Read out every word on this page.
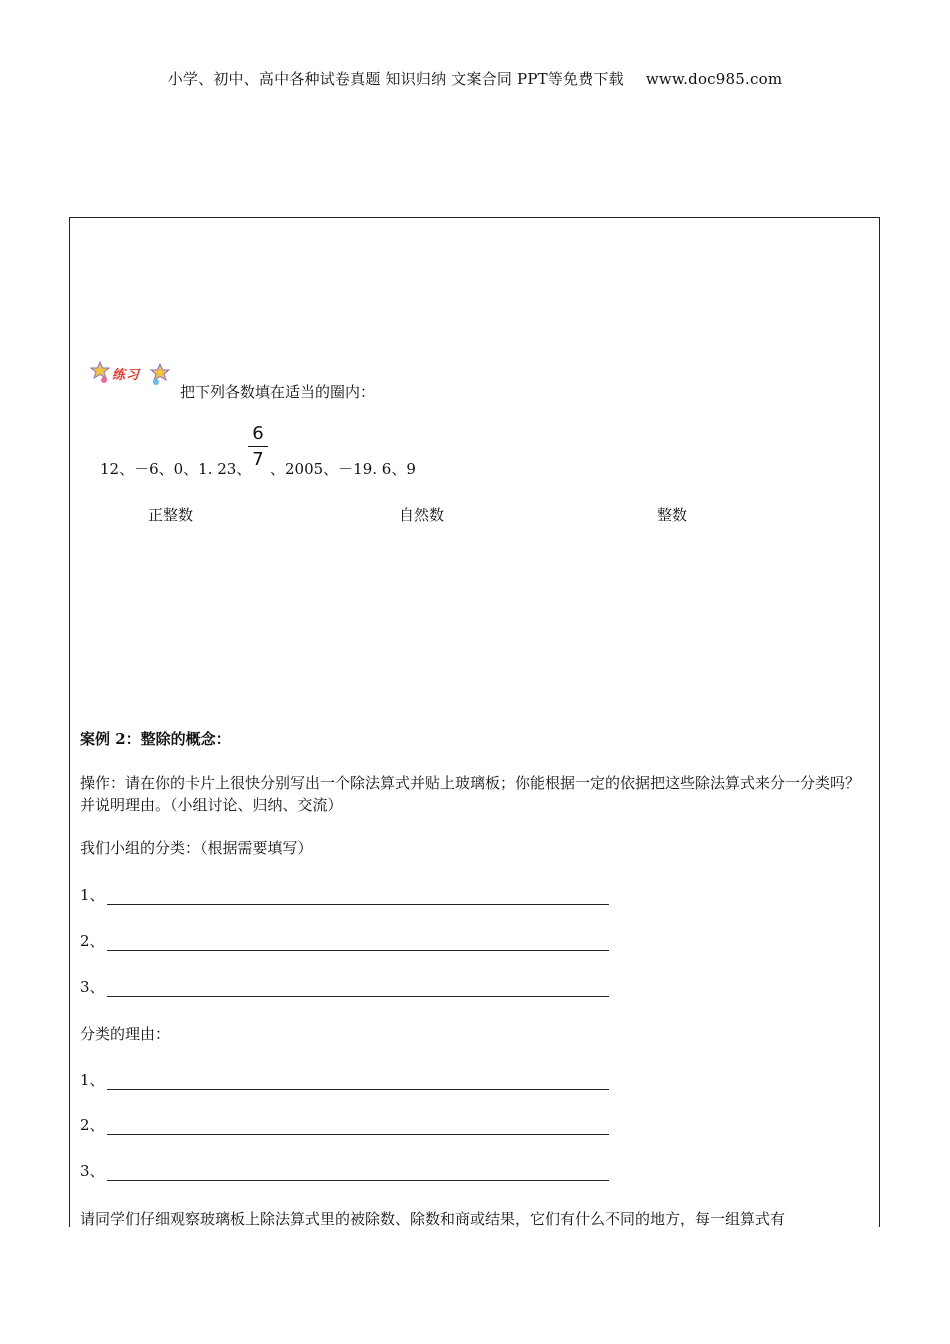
小学、初中、高中各种试卷真题 知识归纳 文案合同 PPT等免费下载 www.doc985.com
练习
把下列各数填在适当的圈内：
12、－6、0、1. 23、
6
7 、2005、－19. 6、9
正整数	自然数	整数
案例 2：整除的概念：
操作：请在你的卡片上很快分别写出一个除法算式并贴上玻璃板；你能根据一定的依据把这些除法算式来分一分类吗？并说明理由。（小组讨论、归纳、交流）
我们小组的分类：（根据需要填写）
1、
2、
3、
分类的理由：
1、
2、
3、
请同学们仔细观察玻璃板上除法算式里的被除数、除数和商或结果，它们有什么不同的地方，每一组算式有
